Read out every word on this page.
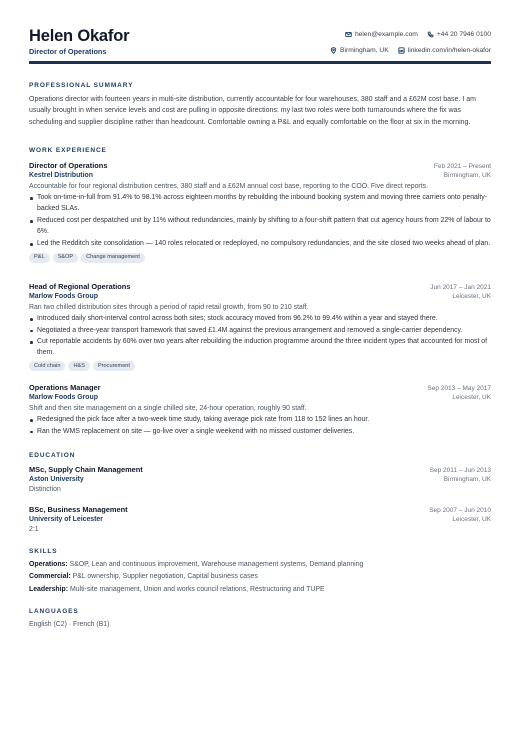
Helen Okafor
Director of Operations
helen@example.com	+44 20 7946 0100
Birmingham, UK	linkedin.com/in/helen-okafor
PROFESSIONAL SUMMARY
Operations director with fourteen years in multi-site distribution, currently accountable for four warehouses, 380 staff and a £62M cost base. I am usually brought in when service levels and cost are pulling in opposite directions: my last two roles were both turnarounds where the fix was scheduling and supplier discipline rather than headcount. Comfortable owning a P&L and equally comfortable on the floor at six in the morning.
WORK EXPERIENCE
Director of Operations	Feb 2021 – Present
Kestrel Distribution	Birmingham, UK
Accountable for four regional distribution centres, 380 staff and a £62M annual cost base, reporting to the COO. Five direct reports.
Took on-time-in-full from 91.4% to 98.1% across eighteen months by rebuilding the inbound booking system and moving three carriers onto penalty-backed SLAs.
Reduced cost per despatched unit by 11% without redundancies, mainly by shifting to a four-shift pattern that cut agency hours from 22% of labour to 6%.
Led the Redditch site consolidation — 140 roles relocated or redeployed, no compulsory redundancies, and the site closed two weeks ahead of plan.
P&L	S&OP	Change management
Head of Regional Operations	Jun 2017 – Jan 2021
Marlow Foods Group	Leicester, UK
Ran two chilled distribution sites through a period of rapid retail growth, from 90 to 210 staff.
Introduced daily short-interval control across both sites; stock accuracy moved from 96.2% to 99.4% within a year and stayed there.
Negotiated a three-year transport framework that saved £1.4M against the previous arrangement and removed a single-carrier dependency.
Cut reportable accidents by 60% over two years after rebuilding the induction programme around the three incident types that accounted for most of them.
Cold chain	H&S	Procurement
Operations Manager	Sep 2013 – May 2017
Marlow Foods Group	Leicester, UK
Shift and then site management on a single chilled site, 24-hour operation, roughly 90 staff.
Redesigned the pick face after a two-week time study, taking average pick rate from 118 to 152 lines an hour.
Ran the WMS replacement on site — go-live over a single weekend with no missed customer deliveries.
EDUCATION
MSc, Supply Chain Management	Sep 2011 – Jun 2013
Aston University	Birmingham, UK
Distinction
BSc, Business Management	Sep 2007 – Jun 2010
University of Leicester	Leicester, UK
2:1
SKILLS
Operations: S&OP, Lean and continuous improvement, Warehouse management systems, Demand planning
Commercial: P&L ownership, Supplier negotiation, Capital business cases
Leadership: Multi-site management, Union and works council relations, Restructuring and TUPE
LANGUAGES
English (C2) · French (B1)
